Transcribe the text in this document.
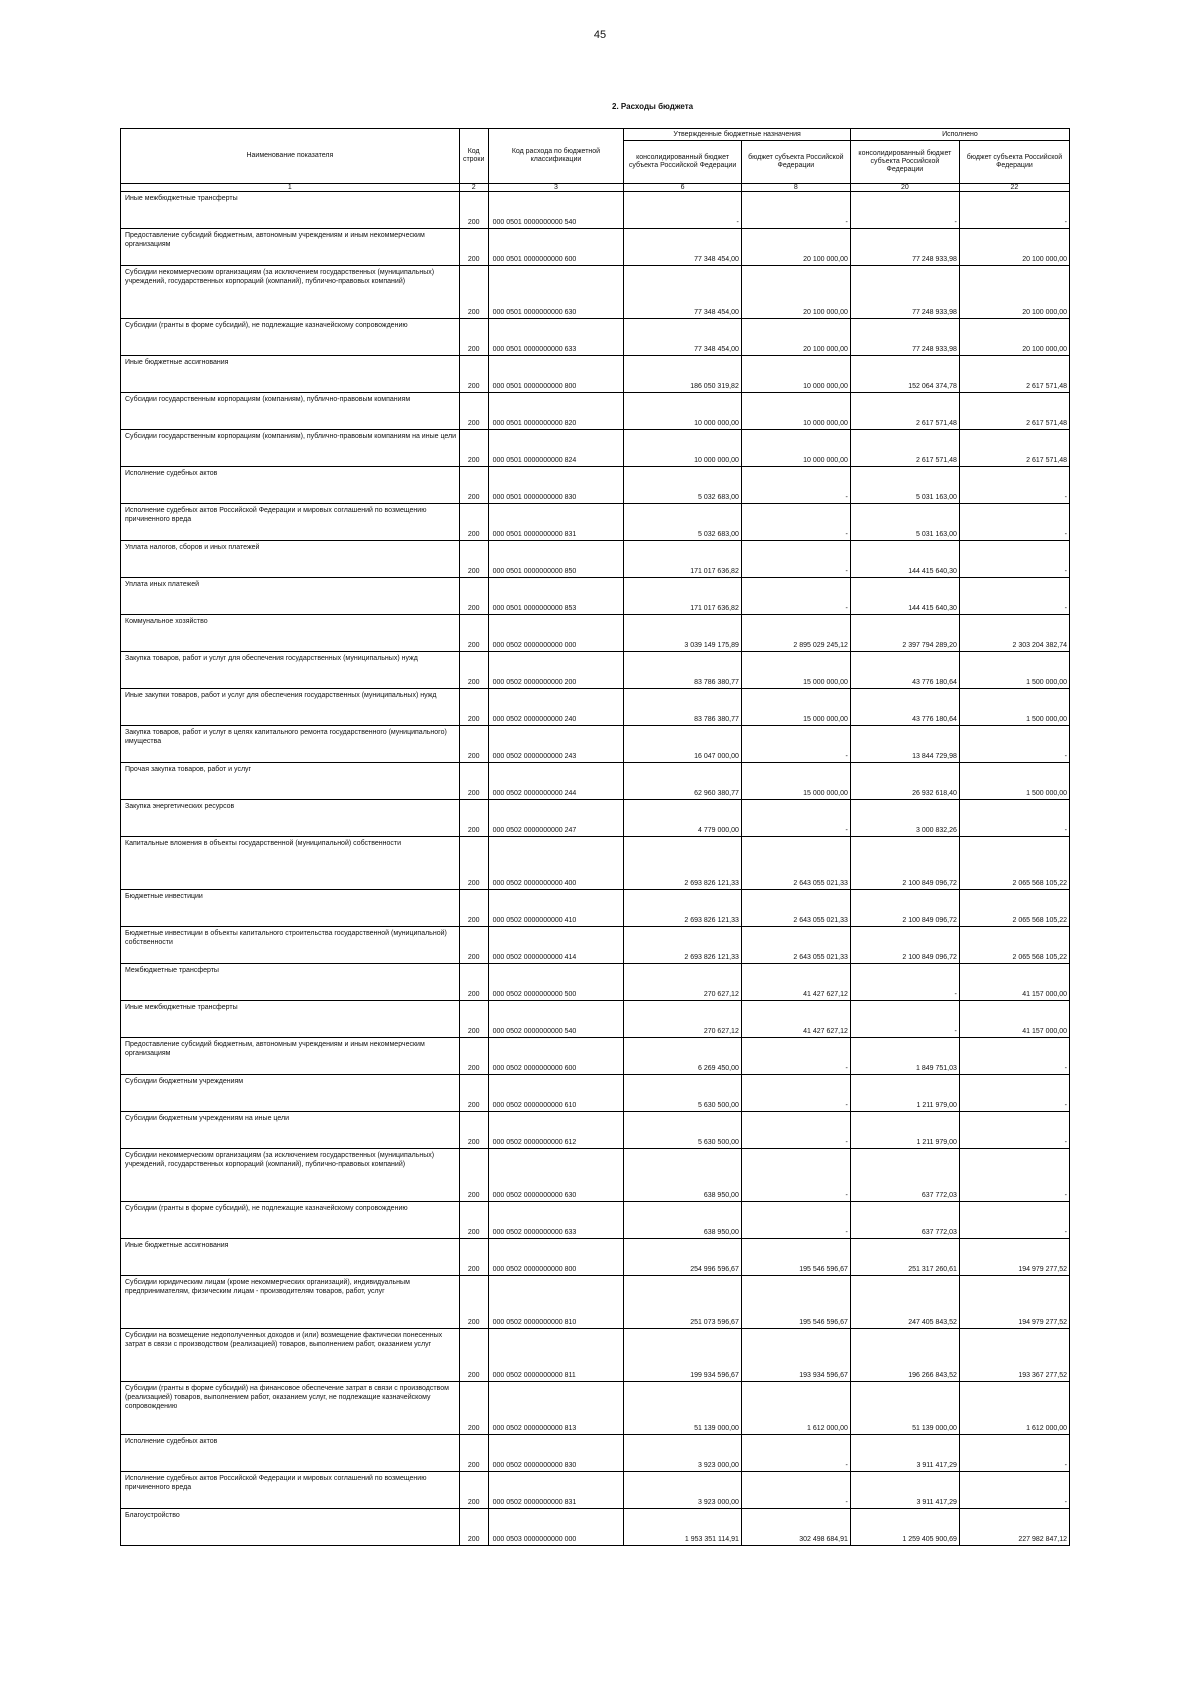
45
2. Расходы бюджета
Наименование показателя	Код строки	Код расхода по бюджетной классификации	Утвержденные бюджетные назначения		Исполнено	
			консолидированный бюджет субъекта Российской Федерации	бюджет субъекта Российской Федерации	консолидированный бюджет субъекта Российской Федерации	бюджет субъекта Российской Федерации
1	2	3	6	8	20	22
Иные межбюджетные трансферты	200	000 0501 0000000000 540	-	-	-	-
Предоставление субсидий бюджетным, автономным учреждениям и иным некоммерческим организациям	200	000 0501 0000000000 600	77 348 454,00	20 100 000,00	77 248 933,98	20 100 000,00
Субсидии некоммерческим организациям (за исключением государственных (муниципальных) учреждений, государственных корпораций (компаний), публично-правовых компаний)	200	000 0501 0000000000 630	77 348 454,00	20 100 000,00	77 248 933,98	20 100 000,00
Субсидии (гранты в форме субсидий), не подлежащие казначейскому сопровождению	200	000 0501 0000000000 633	77 348 454,00	20 100 000,00	77 248 933,98	20 100 000,00
Иные бюджетные ассигнования	200	000 0501 0000000000 800	186 050 319,82	10 000 000,00	152 064 374,78	2 617 571,48
Субсидии государственным корпорациям (компаниям), публично-правовым компаниям	200	000 0501 0000000000 820	10 000 000,00	10 000 000,00	2 617 571,48	2 617 571,48
Субсидии государственным корпорациям (компаниям), публично-правовым компаниям на иные цели	200	000 0501 0000000000 824	10 000 000,00	10 000 000,00	2 617 571,48	2 617 571,48
Исполнение судебных актов	200	000 0501 0000000000 830	5 032 683,00	-	5 031 163,00	-
Исполнение судебных актов Российской Федерации и мировых соглашений по возмещению причиненного вреда	200	000 0501 0000000000 831	5 032 683,00	-	5 031 163,00	-
Уплата налогов, сборов и иных платежей	200	000 0501 0000000000 850	171 017 636,82	-	144 415 640,30	-
Уплата иных платежей	200	000 0501 0000000000 853	171 017 636,82	-	144 415 640,30	-
Коммунальное хозяйство	200	000 0502 0000000000 000	3 039 149 175,89	2 895 029 245,12	2 397 794 289,20	2 303 204 382,74
Закупка товаров, работ и услуг для обеспечения государственных (муниципальных) нужд	200	000 0502 0000000000 200	83 786 380,77	15 000 000,00	43 776 180,64	1 500 000,00
Иные закупки товаров, работ и услуг для обеспечения государственных (муниципальных) нужд	200	000 0502 0000000000 240	83 786 380,77	15 000 000,00	43 776 180,64	1 500 000,00
Закупка товаров, работ и услуг в целях капитального ремонта государственного (муниципального) имущества	200	000 0502 0000000000 243	16 047 000,00	-	13 844 729,98	-
Прочая закупка товаров, работ и услуг	200	000 0502 0000000000 244	62 960 380,77	15 000 000,00	26 932 618,40	1 500 000,00
Закупка энергетических ресурсов	200	000 0502 0000000000 247	4 779 000,00	-	3 000 832,26	-
Капитальные вложения в объекты государственной (муниципальной) собственности	200	000 0502 0000000000 400	2 693 826 121,33	2 643 055 021,33	2 100 849 096,72	2 065 568 105,22
Бюджетные инвестиции	200	000 0502 0000000000 410	2 693 826 121,33	2 643 055 021,33	2 100 849 096,72	2 065 568 105,22
Бюджетные инвестиции в объекты капитального строительства государственной (муниципальной) собственности	200	000 0502 0000000000 414	2 693 826 121,33	2 643 055 021,33	2 100 849 096,72	2 065 568 105,22
Межбюджетные трансферты	200	000 0502 0000000000 500	270 627,12	41 427 627,12	-	41 157 000,00
Иные межбюджетные трансферты	200	000 0502 0000000000 540	270 627,12	41 427 627,12	-	41 157 000,00
Предоставление субсидий бюджетным, автономным учреждениям и иным некоммерческим организациям	200	000 0502 0000000000 600	6 269 450,00	-	1 849 751,03	-
Субсидии бюджетным учреждениям	200	000 0502 0000000000 610	5 630 500,00	-	1 211 979,00	-
Субсидии бюджетным учреждениям на иные цели	200	000 0502 0000000000 612	5 630 500,00	-	1 211 979,00	-
Субсидии некоммерческим организациям (за исключением государственных (муниципальных) учреждений, государственных корпораций (компаний), публично-правовых компаний)	200	000 0502 0000000000 630	638 950,00	-	637 772,03	-
Субсидии (гранты в форме субсидий), не подлежащие казначейскому сопровождению	200	000 0502 0000000000 633	638 950,00	-	637 772,03	-
Иные бюджетные ассигнования	200	000 0502 0000000000 800	254 996 596,67	195 546 596,67	251 317 260,61	194 979 277,52
Субсидии юридическим лицам (кроме некоммерческих организаций), индивидуальным предпринимателям, физическим лицам - производителям товаров, работ, услуг	200	000 0502 0000000000 810	251 073 596,67	195 546 596,67	247 405 843,52	194 979 277,52
Субсидии на возмещение недополученных доходов и (или) возмещение фактически понесенных затрат в связи с производством (реализацией) товаров, выполнением работ, оказанием услуг	200	000 0502 0000000000 811	199 934 596,67	193 934 596,67	196 266 843,52	193 367 277,52
Субсидии (гранты в форме субсидий) на финансовое обеспечение затрат в связи с производством (реализацией) товаров, выполнением работ, оказанием услуг, не подлежащие казначейскому сопровождению	200	000 0502 0000000000 813	51 139 000,00	1 612 000,00	51 139 000,00	1 612 000,00
Исполнение судебных актов	200	000 0502 0000000000 830	3 923 000,00	-	3 911 417,29	-
Исполнение судебных актов Российской Федерации и мировых соглашений по возмещению причиненного вреда	200	000 0502 0000000000 831	3 923 000,00	-	3 911 417,29	-
Благоустройство	200	000 0503 0000000000 000	1 953 351 114,91	302 498 684,91	1 259 405 900,69	227 982 847,12
